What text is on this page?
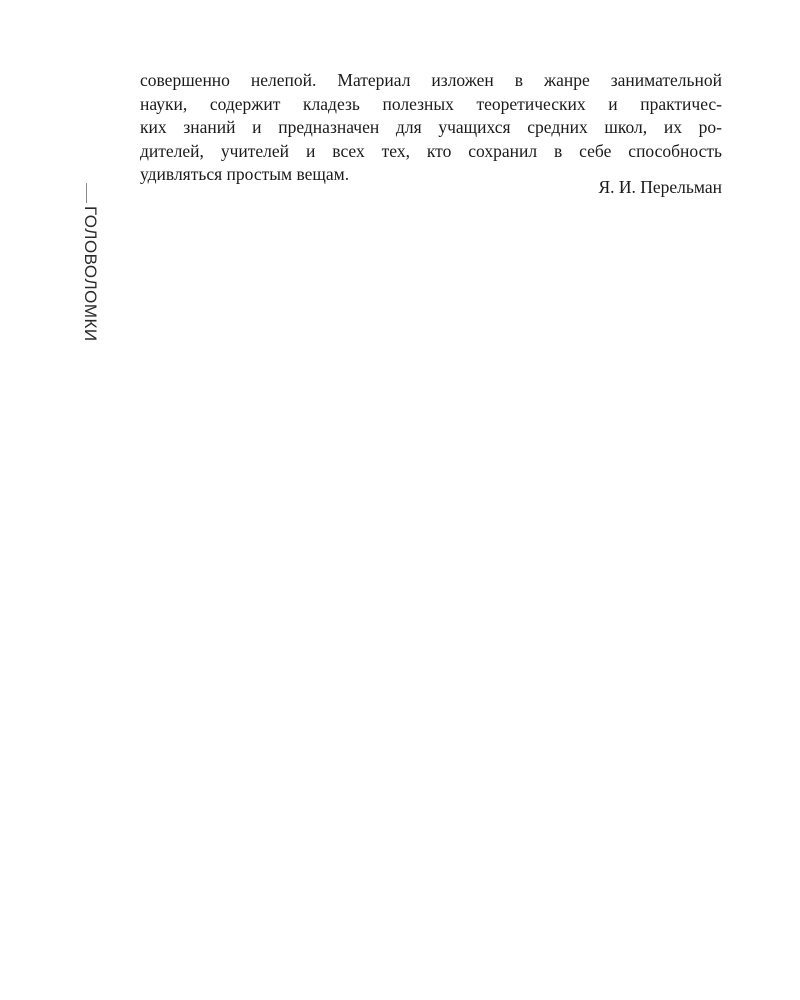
ГОЛОВОЛОМКИ
совершенно нелепой. Материал изложен в жанре занимательной
науки, содержит кладезь полезных теоретических и практичес-
ких знаний и предназначен для учащихся средних школ, их ро-
дителей, учителей и всех тех, кто сохранил в себе способность
удивляться простым вещам.
Я. И. Перельман
